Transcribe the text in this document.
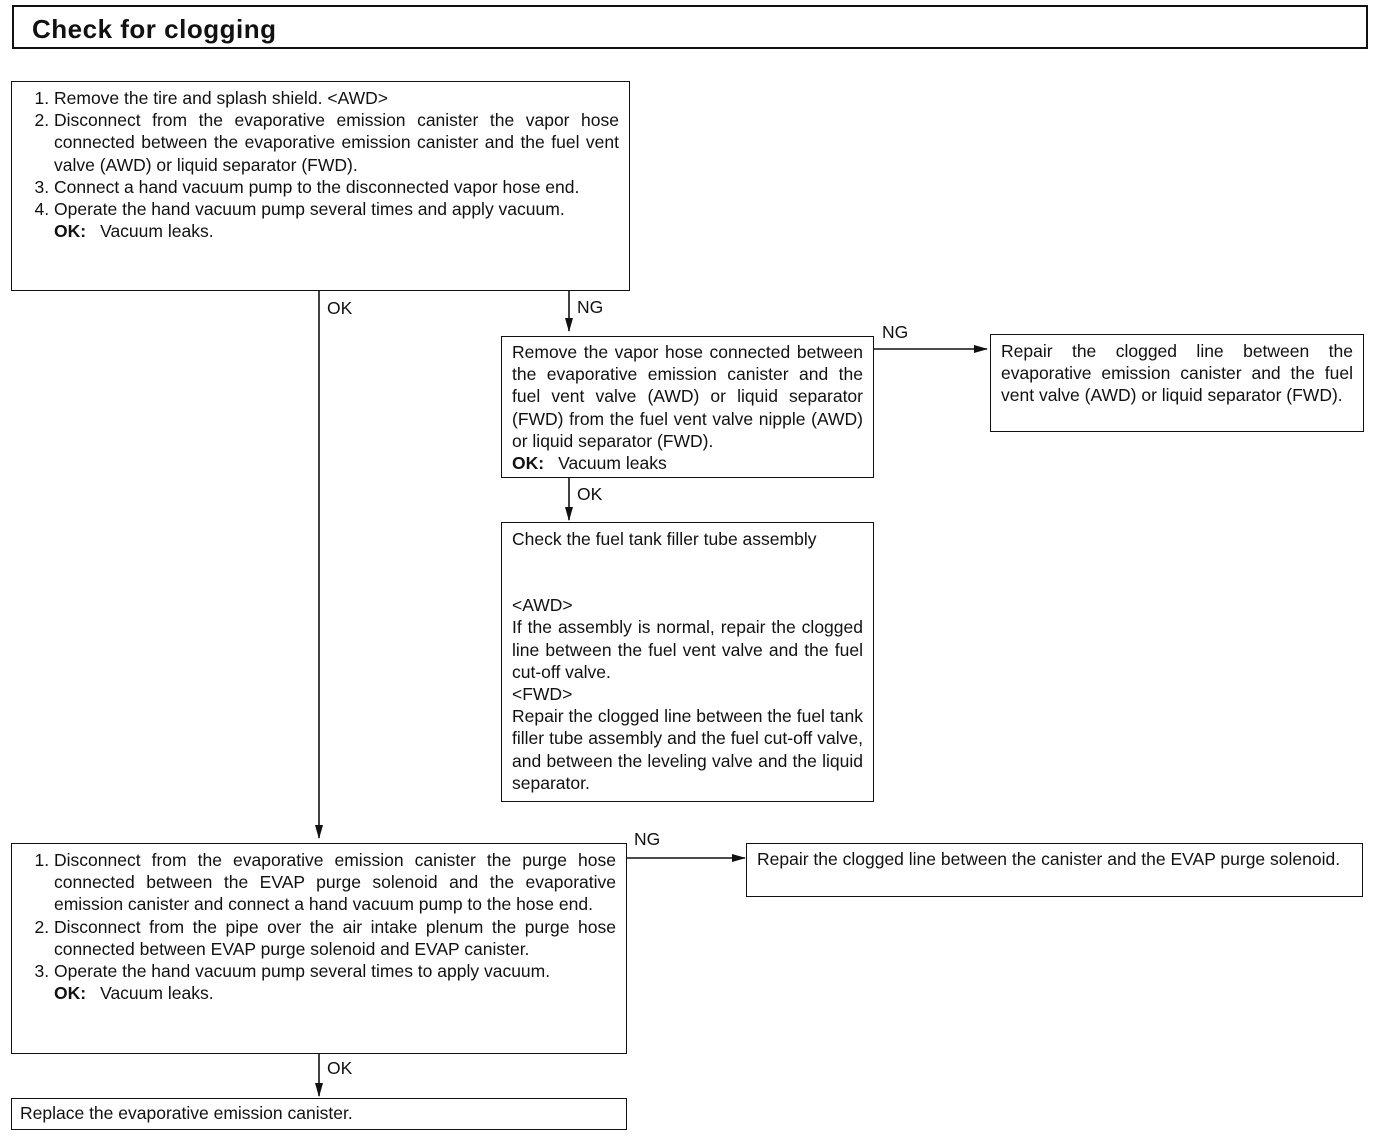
Check for clogging
1. Remove the tire and splash shield. <AWD>
2. Disconnect from the evaporative emission canister the vapor hose connected between the evaporative emission canister and the fuel vent valve (AWD) or liquid separator (FWD).
3. Connect a hand vacuum pump to the disconnected vapor hose end.
4. Operate the hand vacuum pump several times and apply vacuum.
OK: Vacuum leaks.
OK	NG
NG
OK
NG
OK
Remove the vapor hose connected between the evaporative emission canister and the fuel vent valve (AWD) or liquid separator (FWD) from the fuel vent valve nipple (AWD) or liquid separator (FWD).
OK: Vacuum leaks
Repair the clogged line between the evaporative emission canister and the fuel vent valve (AWD) or liquid separator (FWD).
Check the fuel tank filler tube assembly
<AWD>
If the assembly is normal, repair the clogged line between the fuel vent valve and the fuel cut-off valve.
<FWD>
Repair the clogged line between the fuel tank filler tube assembly and the fuel cut-off valve, and between the leveling valve and the liquid separator.
1. Disconnect from the evaporative emission canister the purge hose connected between the EVAP purge solenoid and the evaporative emission canister and connect a hand vacuum pump to the hose end.
2. Disconnect from the pipe over the air intake plenum the purge hose connected between EVAP purge solenoid and EVAP canister.
3. Operate the hand vacuum pump several times to apply vacuum.
OK: Vacuum leaks.
Repair the clogged line between the canister and the EVAP purge solenoid.
Replace the evaporative emission canister.
